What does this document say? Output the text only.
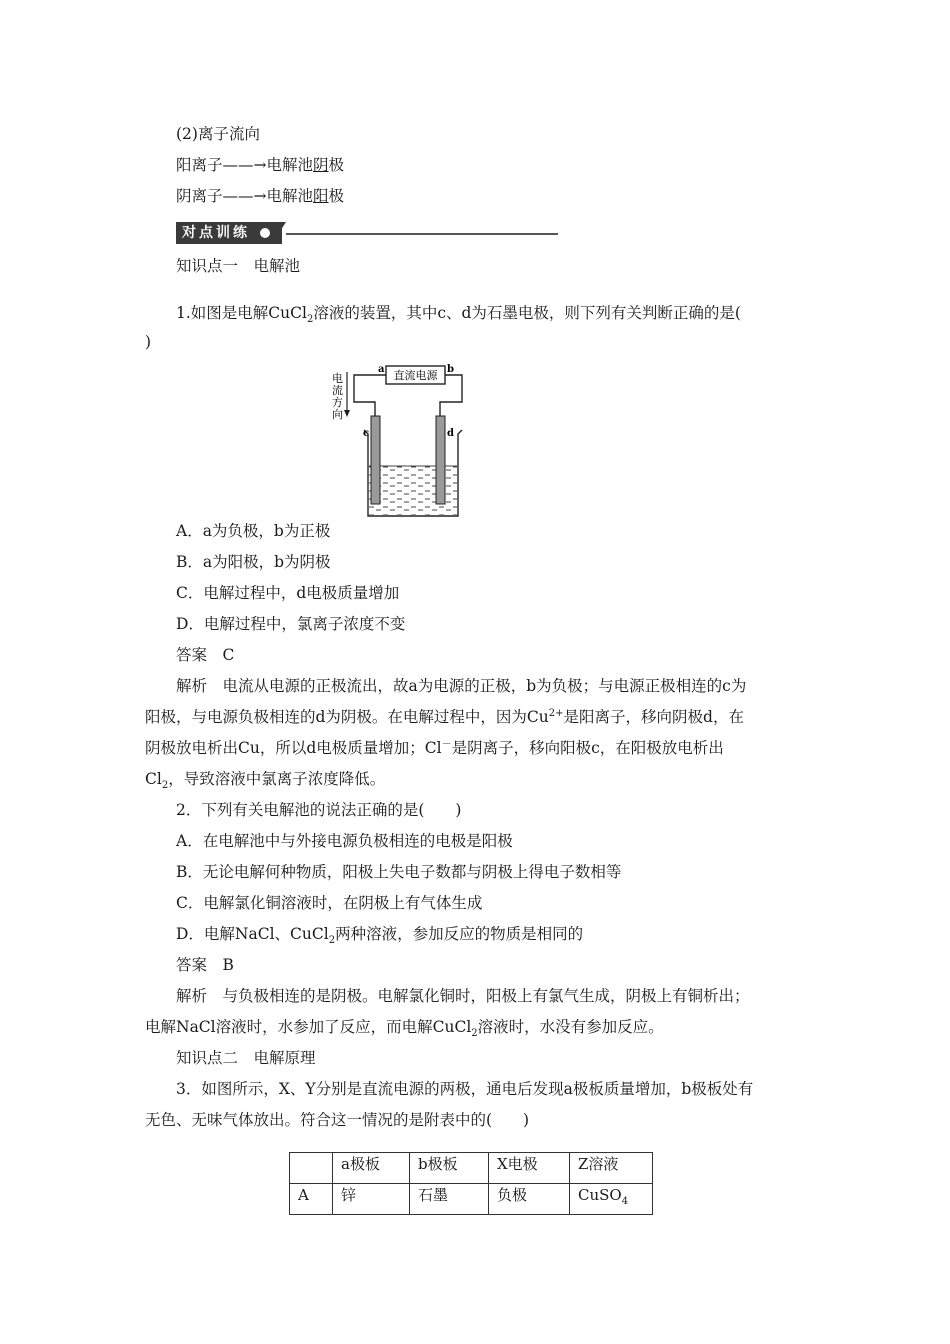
(2)离子流向
阳离子——→电解池阴极
阴离子——→电解池阳极
对点训练
知识点一　电解池
1.如图是电解CuCl$_2$溶液的装置，其中c、d为石墨电极，则下列有关判断正确的是(
)
直流电源
a	b
电
流
方
向
c	d
A．a为负极，b为正极
B．a为阳极，b为阴极
C．电解过程中，d电极质量增加
D．电解过程中，氯离子浓度不变
答案　C
解析　电流从电源的正极流出，故a为电源的正极，b为负极；与电源正极相连的c为
阳极，与电源负极相连的d为阴极。在电解过程中，因为$Cu^{2+}$是阳离子，移向阴极d，在
阴极放电析出Cu，所以d电极质量增加；Cl－是阴离子，移向阳极c，在阳极放电析出
$Cl_2$，导致溶液中氯离子浓度降低。
2．下列有关电解池的说法正确的是(　　)
A．在电解池中与外接电源负极相连的电极是阳极
B．无论电解何种物质，阳极上失电子数都与阴极上得电子数相等
C．电解氯化铜溶液时，在阴极上有气体生成
D．电解NaCl、CuCl$_2$两种溶液，参加反应的物质是相同的
答案　B
解析　与负极相连的是阴极。电解氯化铜时，阳极上有氯气生成，阴极上有铜析出；
电解NaCl溶液时，水参加了反应，而电解CuCl$_2$溶液时，水没有参加反应。
知识点二　电解原理
3．如图所示，X、Y分别是直流电源的两极，通电后发现a极板质量增加，b极板处有
无色、无味气体放出。符合这一情况的是附表中的(　　)
	a极板	b极板	X电极	Z溶液
A	锌	石墨	负极	CuSO$_4$
